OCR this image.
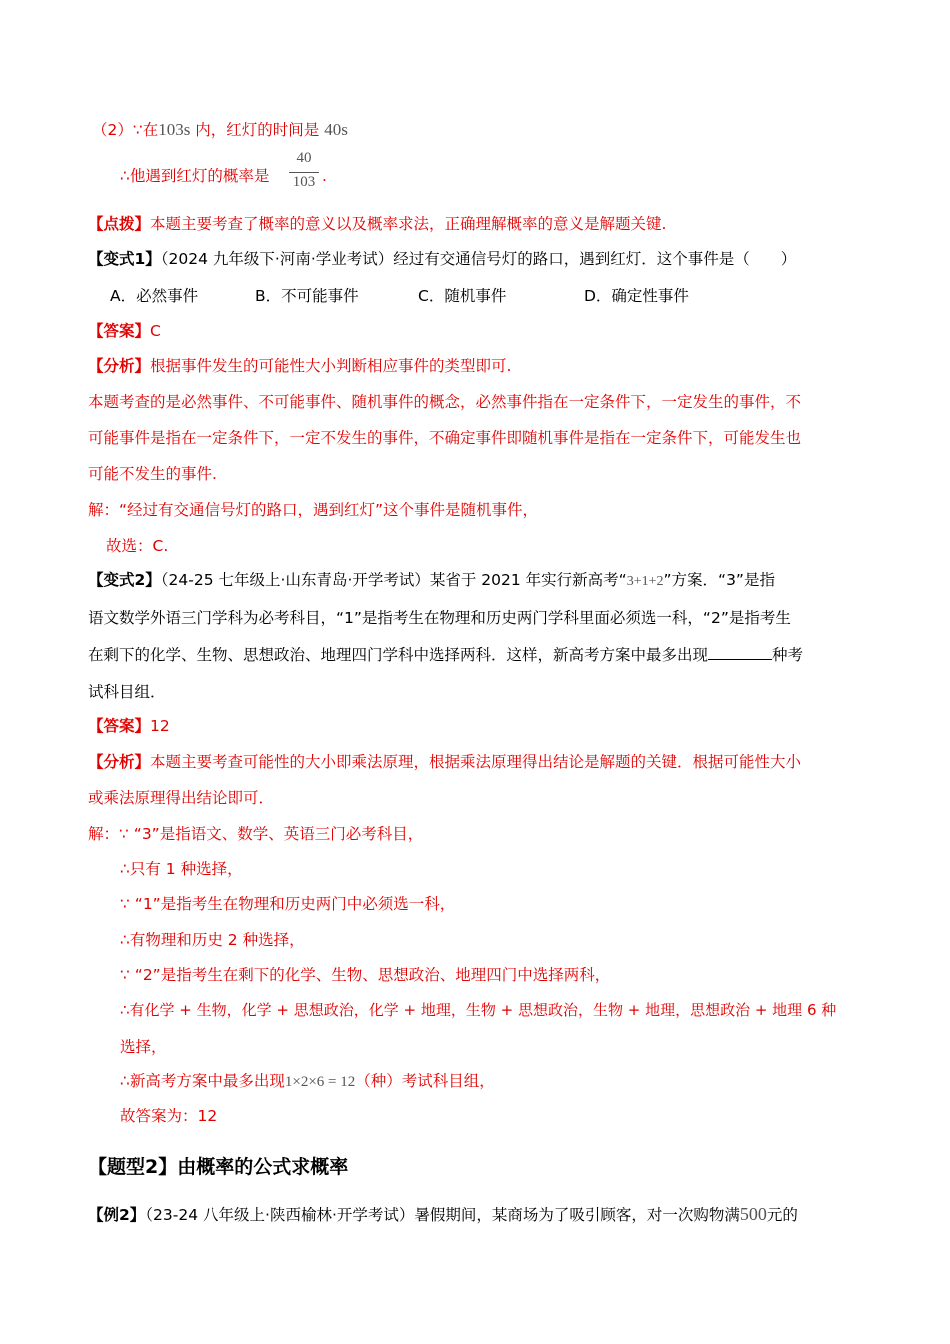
（2）∵在103s 内，红灯的时间是 40s
∴他遇到红灯的概率是
40
103 .
【点拨】本题主要考查了概率的意义以及概率求法，正确理解概率的意义是解题关键.
【变式1】（2024 九年级下·河南·学业考试）经过有交通信号灯的路口，遇到红灯．这个事件是（　　）
A．必然事件	B．不可能事件	C．随机事件	D．确定性事件
【答案】C
【分析】根据事件发生的可能性大小判断相应事件的类型即可.
本题考查的是必然事件、不可能事件、随机事件的概念，必然事件指在一定条件下，一定发生的事件，不
可能事件是指在一定条件下，一定不发生的事件，不确定事件即随机事件是指在一定条件下，可能发生也
可能不发生的事件.
解：“经过有交通信号灯的路口，遇到红灯”这个事件是随机事件，
故选：C.
【变式2】（24-25 七年级上·山东青岛·开学考试）某省于 2021 年实行新高考“3+1+2”方案．“3”是指
语文数学外语三门学科为必考科目，“1”是指考生在物理和历史两门学科里面必须选一科，“2”是指考生
在剩下的化学、生物、思想政治、地理四门学科中选择两科．这样，新高考方案中最多出现	种考
试科目组．
【答案】12
【分析】本题主要考查可能性的大小即乘法原理，根据乘法原理得出结论是解题的关键．根据可能性大小
或乘法原理得出结论即可．
解：∵ “3”是指语文、数学、英语三门必考科目，
∴只有 1 种选择，
∵ “1”是指考生在物理和历史两门中必须选一科，
∴有物理和历史 2 种选择，
∵ “2”是指考生在剩下的化学、生物、思想政治、地理四门中选择两科，
∴有化学 + 生物，化学 + 思想政治，化学 + 地理，生物 + 思想政治，生物 + 地理，思想政治 + 地理 6 种
选择，
∴新高考方案中最多出现1×2×6 = 12（种）考试科目组，
故答案为：12
【题型2】由概率的公式求概率
【例2】（23-24 八年级上·陕西榆林·开学考试）暑假期间，某商场为了吸引顾客，对一次购物满500元的
